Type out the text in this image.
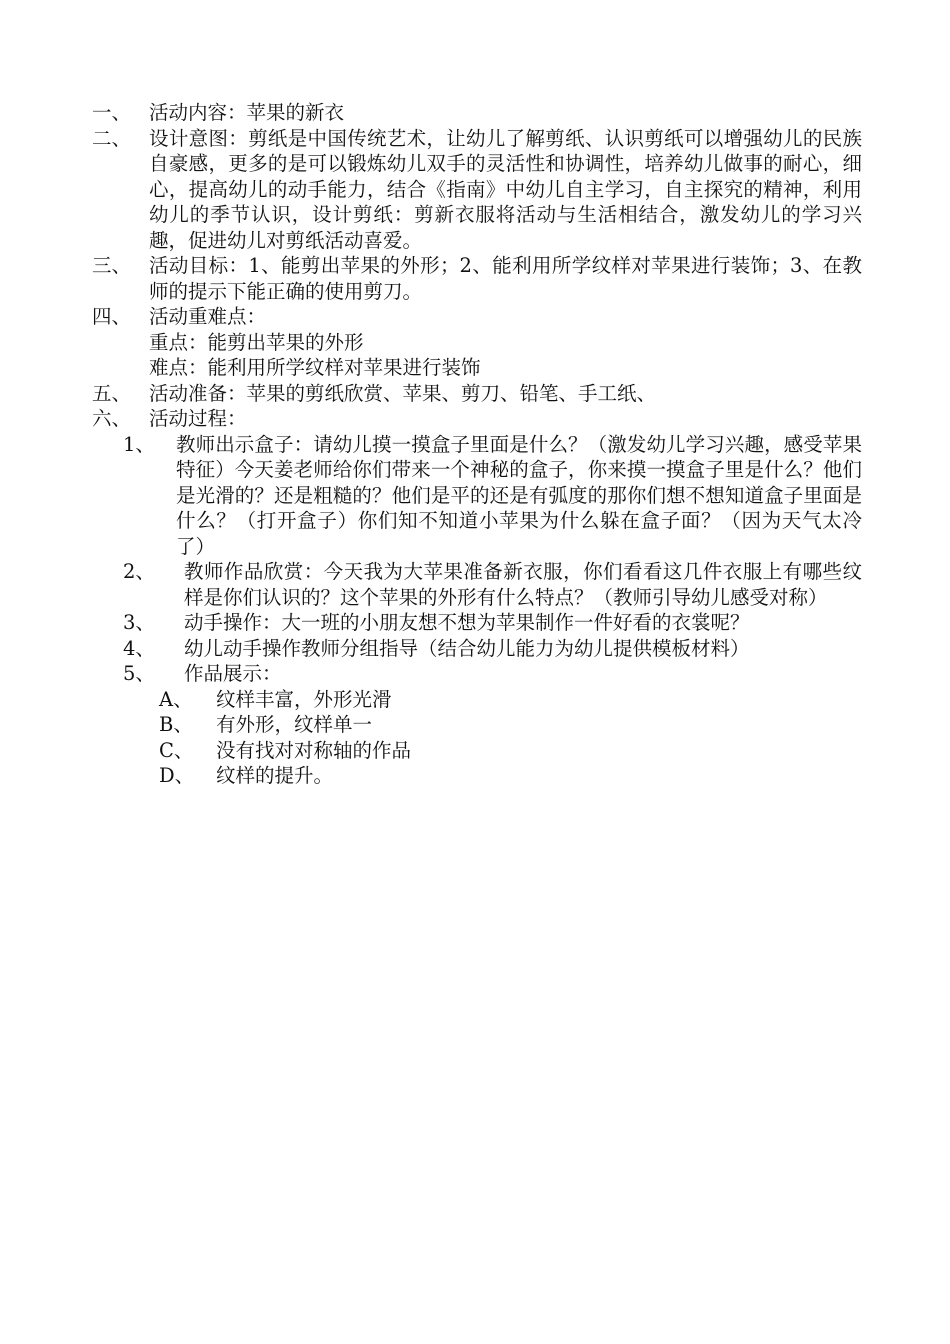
一、 活动内容：苹果的新衣
二、 设计意图：剪纸是中国传统艺术，让幼儿了解剪纸、认识剪纸可以增强幼儿的民族自豪感，更多的是可以锻炼幼儿双手的灵活性和协调性，培养幼儿做事的耐心，细心，提高幼儿的动手能力，结合《指南》中幼儿自主学习，自主探究的精神，利用幼儿的季节认识，设计剪纸：剪新衣服将活动与生活相结合，激发幼儿的学习兴趣，促进幼儿对剪纸活动喜爱。
三、 活动目标：1、能剪出苹果的外形；2、能利用所学纹样对苹果进行装饰；3、在教师的提示下能正确的使用剪刀。
四、 活动重难点：
重点：能剪出苹果的外形
难点：能利用所学纹样对苹果进行装饰
五、 活动准备：苹果的剪纸欣赏、苹果、剪刀、铅笔、手工纸、
六、 活动过程：
1、	教师出示盒子：请幼儿摸一摸盒子里面是什么？（激发幼儿学习兴趣，感受苹果特征）今天姜老师给你们带来一个神秘的盒子，你来摸一摸盒子里是什么？他们是光滑的？还是粗糙的？他们是平的还是有弧度的那你们想不想知道盒子里面是什么？（打开盒子）你们知不知道小苹果为什么躲在盒子面？（因为天气太冷了）
2、	教师作品欣赏：今天我为大苹果准备新衣服，你们看看这几件衣服上有哪些纹样是你们认识的？这个苹果的外形有什么特点？（教师引导幼儿感受对称）
3、	动手操作：大一班的小朋友想不想为苹果制作一件好看的衣裳呢？
4、	幼儿动手操作教师分组指导（结合幼儿能力为幼儿提供模板材料）
5、	作品展示：
A、	纹样丰富，外形光滑
B、	有外形，纹样单一
C、	没有找对对称轴的作品
D、	纹样的提升。
